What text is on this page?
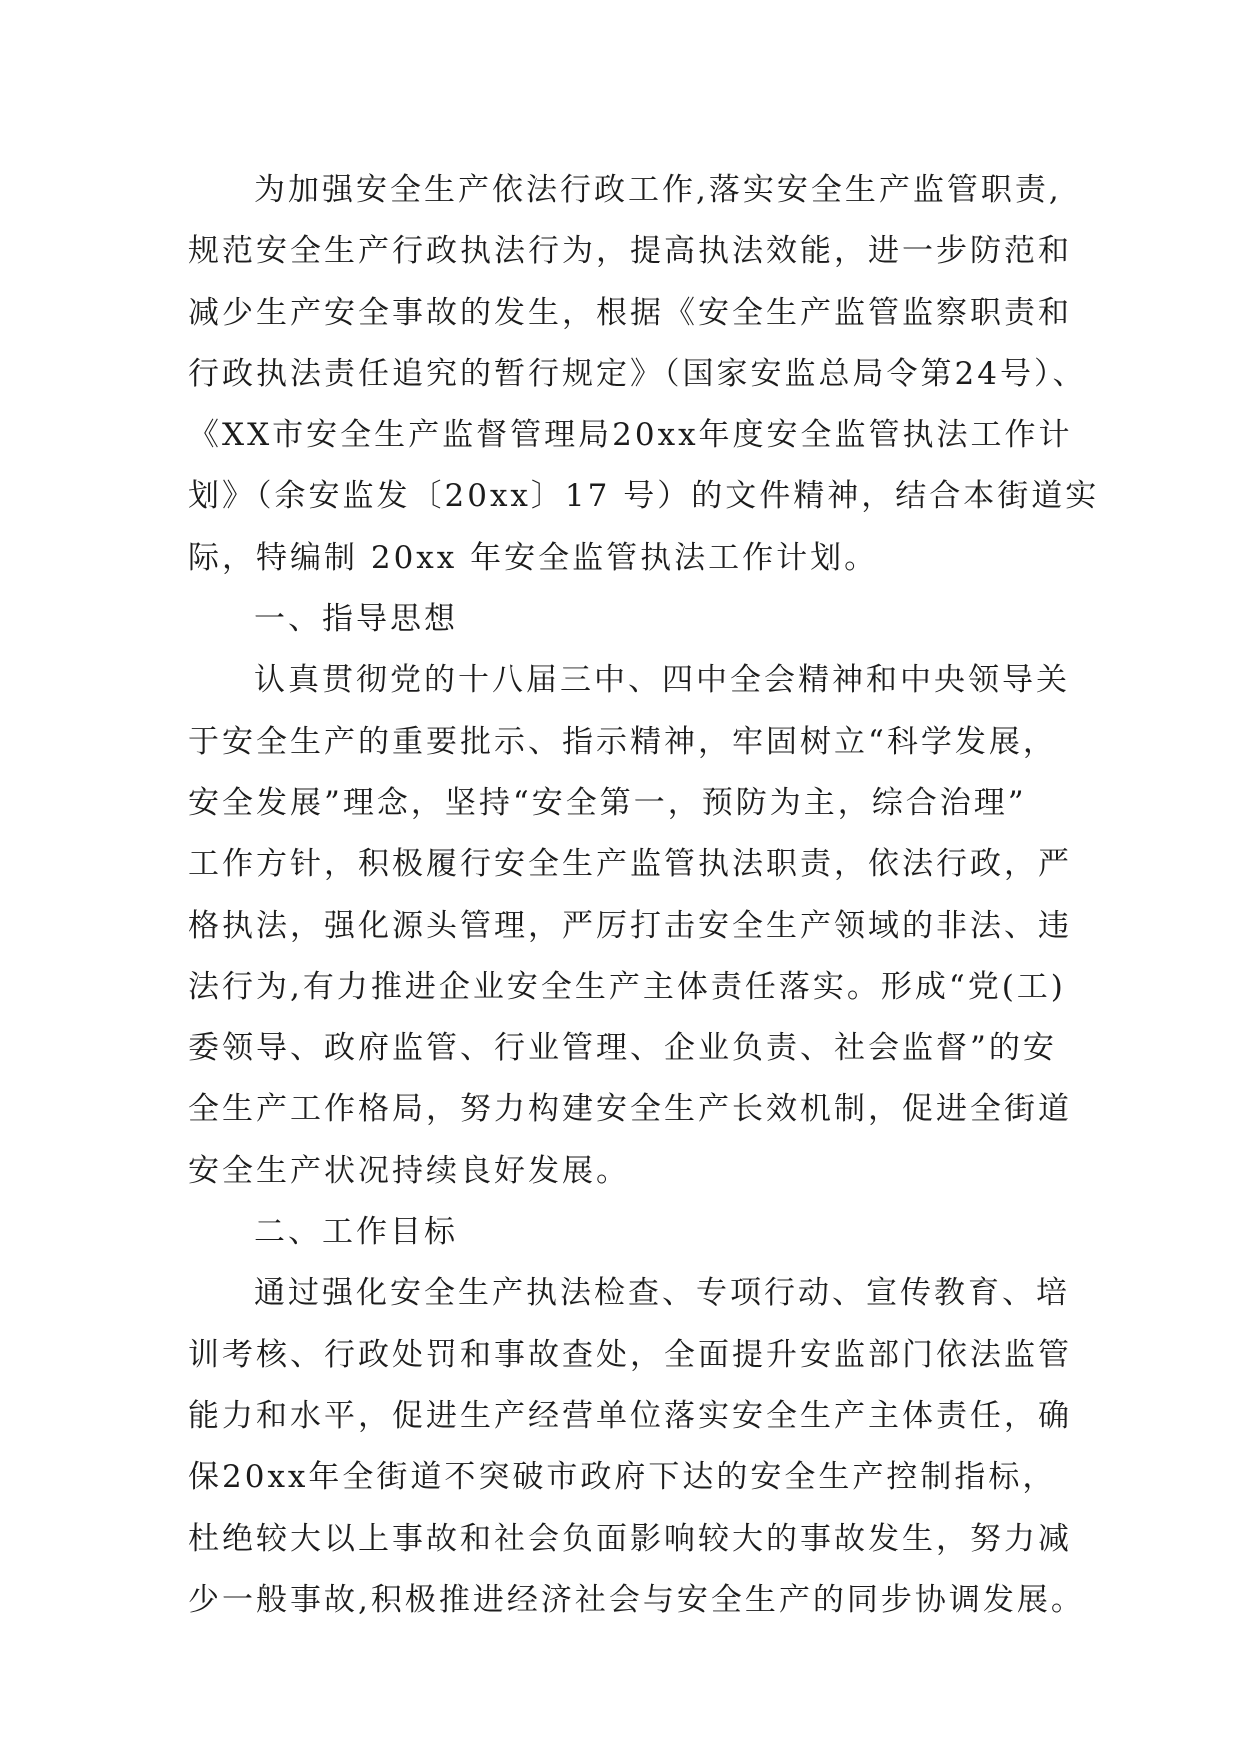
为加强安全生产依法行政工作,落实安全生产监管职责,
规范安全生产行政执法行为，提高执法效能，进一步防范和
减少生产安全事故的发生，根据《安全生产监管监察职责和
行政执法责任追究的暂行规定》（国家安监总局令第24号）、
《XX市安全生产监督管理局20xx年度安全监管执法工作计
划》（余安监发〔20xx〕17 号）的文件精神，结合本街道实
际，特编制 20xx 年安全监管执法工作计划。
一、指导思想
认真贯彻党的十八届三中、四中全会精神和中央领导关
于安全生产的重要批示、指示精神，牢固树立“科学发展，
安全发展”理念，坚持“安全第一，预防为主，综合治理”
工作方针，积极履行安全生产监管执法职责，依法行政，严
格执法，强化源头管理，严厉打击安全生产领域的非法、违
法行为,有力推进企业安全生产主体责任落实。形成“党(工)
委领导、政府监管、行业管理、企业负责、社会监督”的安
全生产工作格局，努力构建安全生产长效机制，促进全街道
安全生产状况持续良好发展。
二、工作目标
通过强化安全生产执法检查、专项行动、宣传教育、培
训考核、行政处罚和事故查处，全面提升安监部门依法监管
能力和水平，促进生产经营单位落实安全生产主体责任，确
保20xx年全街道不突破市政府下达的安全生产控制指标，
杜绝较大以上事故和社会负面影响较大的事故发生，努力减
少一般事故,积极推进经济社会与安全生产的同步协调发展。
